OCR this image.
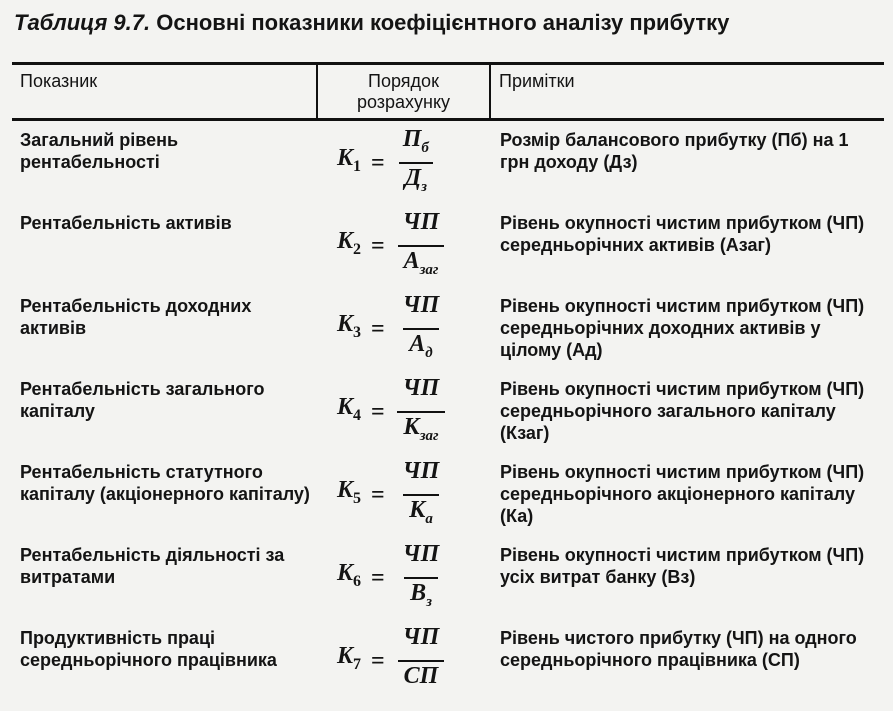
Таблиця 9.7. Основні показники коефіцієнтного аналізу прибутку
Показник	Порядок розрахунку	Примітки
Загальний рівень рентабельності	$K_1 = \frac{П_б}{Д_з}$	Розмір балансового прибутку (Пб) на 1 грн доходу (Дз)
Рентабельність активів	$K_2 = \frac{ЧП}{А_{заг}}$	Рівень окупності чистим прибутком (ЧП) середньорічних активів (Азаг)
Рентабельність доходних активів	$K_3 = \frac{ЧП}{А_д}$	Рівень окупності чистим прибутком (ЧП) середньорічних доходних активів у цілому (Ад)
Рентабельність загального капіталу	$K_4 = \frac{ЧП}{К_{заг}}$	Рівень окупності чистим прибутком (ЧП) середньорічного загального капіталу (Кзаг)
Рентабельність статутного капіталу (акціонерного капіталу)	$K_5 = \frac{ЧП}{К_а}$	Рівень окупності чистим прибутком (ЧП) середньорічного акціонерного капіталу (Ка)
Рентабельність діяльності за витратами	$K_6 = \frac{ЧП}{В_з}$	Рівень окупності чистим прибутком (ЧП) усіх витрат банку (Вз)
Продуктивність праці середньорічного працівника	$K_7 = \frac{ЧП}{СП}$	Рівень чистого прибутку (ЧП) на одного середньорічного працівника (СП)
